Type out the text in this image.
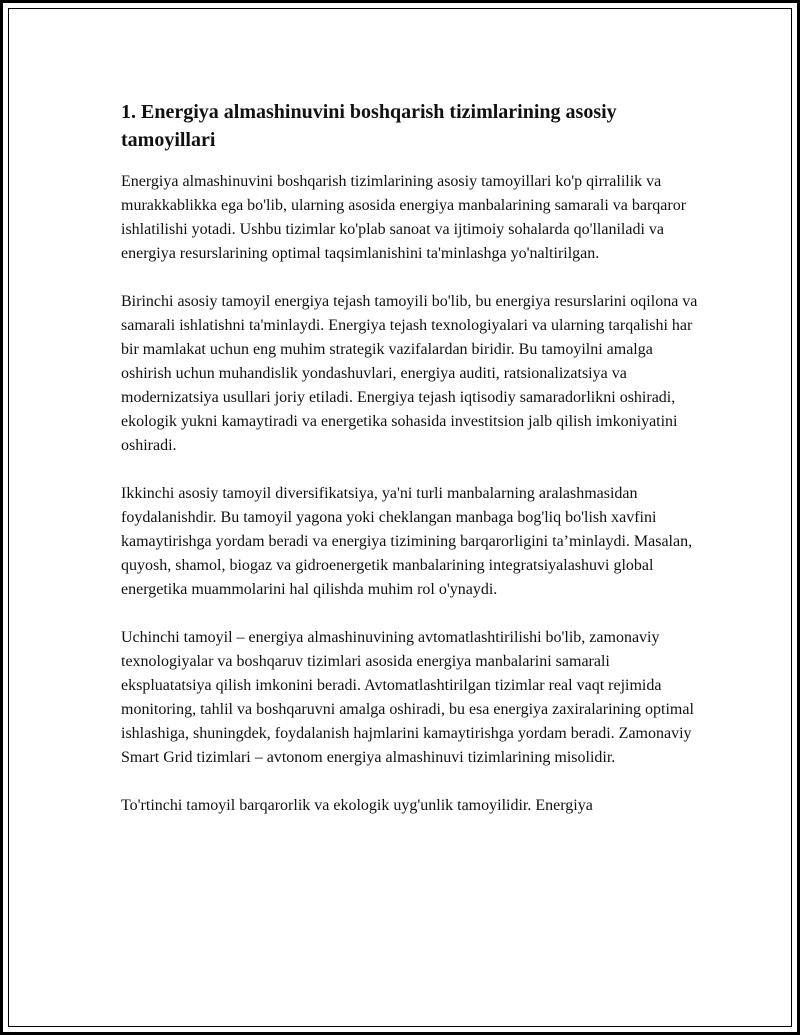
1. Energiya almashinuvini boshqarish tizimlarining asosiy tamoyillari

Energiya almashinuvini boshqarish tizimlarining asosiy tamoyillari ko'p qirralilik va murakkablikka ega bo'lib, ularning asosida energiya manbalarining samarali va barqaror ishlatilishi yotadi. Ushbu tizimlar ko'plab sanoat va ijtimoiy sohalarda qo'llaniladi va energiya resurslarining optimal taqsimlanishini ta'minlashga yo'naltirilgan.

Birinchi asosiy tamoyil energiya tejash tamoyili bo'lib, bu energiya resurslarini oqilona va samarali ishlatishni ta'minlaydi. Energiya tejash texnologiyalari va ularning tarqalishi har bir mamlakat uchun eng muhim strategik vazifalardan biridir. Bu tamoyilni amalga oshirish uchun muhandislik yondashuvlari, energiya auditi, ratsionalizatsiya va modernizatsiya usullari joriy etiladi. Energiya tejash iqtisodiy samaradorlikni oshiradi, ekologik yukni kamaytiradi va energetika sohasida investitsion jalb qilish imkoniyatini oshiradi.

Ikkinchi asosiy tamoyil diversifikatsiya, ya'ni turli manbalarning aralashmasidan foydalanishdir. Bu tamoyil yagona yoki cheklangan manbaga bog'liq bo'lish xavfini kamaytirishga yordam beradi va energiya tizimining barqarorligini ta’minlaydi. Masalan, quyosh, shamol, biogaz va gidroenergetik manbalarining integratsiyalashuvi global energetika muammolarini hal qilishda muhim rol o'ynaydi.

Uchinchi tamoyil – energiya almashinuvining avtomatlashtirilishi bo'lib, zamonaviy texnologiyalar va boshqaruv tizimlari asosida energiya manbalarini samarali ekspluatatsiya qilish imkonini beradi. Avtomatlashtirilgan tizimlar real vaqt rejimida monitoring, tahlil va boshqaruvni amalga oshiradi, bu esa energiya zaxiralarining optimal ishlashiga, shuningdek, foydalanish hajmlarini kamaytirishga yordam beradi. Zamonaviy Smart Grid tizimlari – avtonom energiya almashinuvi tizimlarining misolidir.

To'rtinchi tamoyil barqarorlik va ekologik uyg'unlik tamoyilidir. Energiya
